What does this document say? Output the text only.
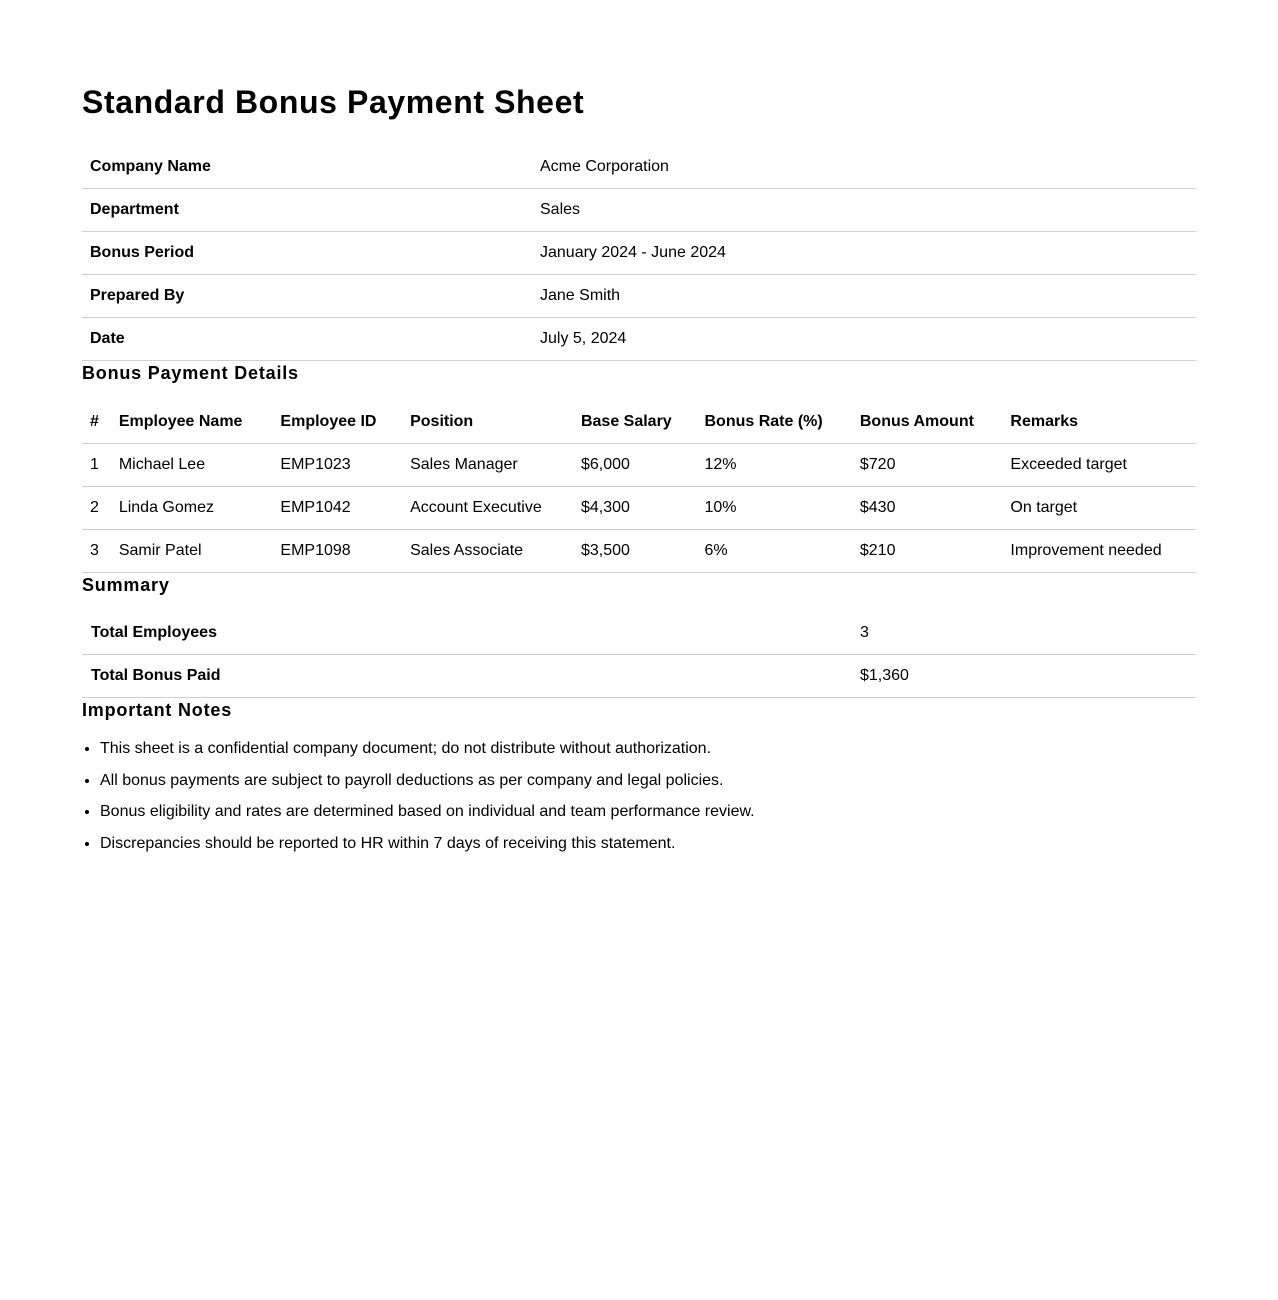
Standard Bonus Payment Sheet
Company Name	Acme Corporation
Department	Sales
Bonus Period	January 2024 - June 2024
Prepared By	Jane Smith
Date	July 5, 2024
Bonus Payment Details
#	Employee Name	Employee ID	Position	Base Salary	Bonus Rate (%)	Bonus Amount	Remarks
1	Michael Lee	EMP1023	Sales Manager	$6,000	12%	$720	Exceeded target
2	Linda Gomez	EMP1042	Account Executive	$4,300	10%	$430	On target
3	Samir Patel	EMP1098	Sales Associate	$3,500	6%	$210	Improvement needed
Summary
Total Employees	3
Total Bonus Paid	$1,360
Important Notes
• This sheet is a confidential company document; do not distribute without authorization.
• All bonus payments are subject to payroll deductions as per company and legal policies.
• Bonus eligibility and rates are determined based on individual and team performance review.
• Discrepancies should be reported to HR within 7 days of receiving this statement.
